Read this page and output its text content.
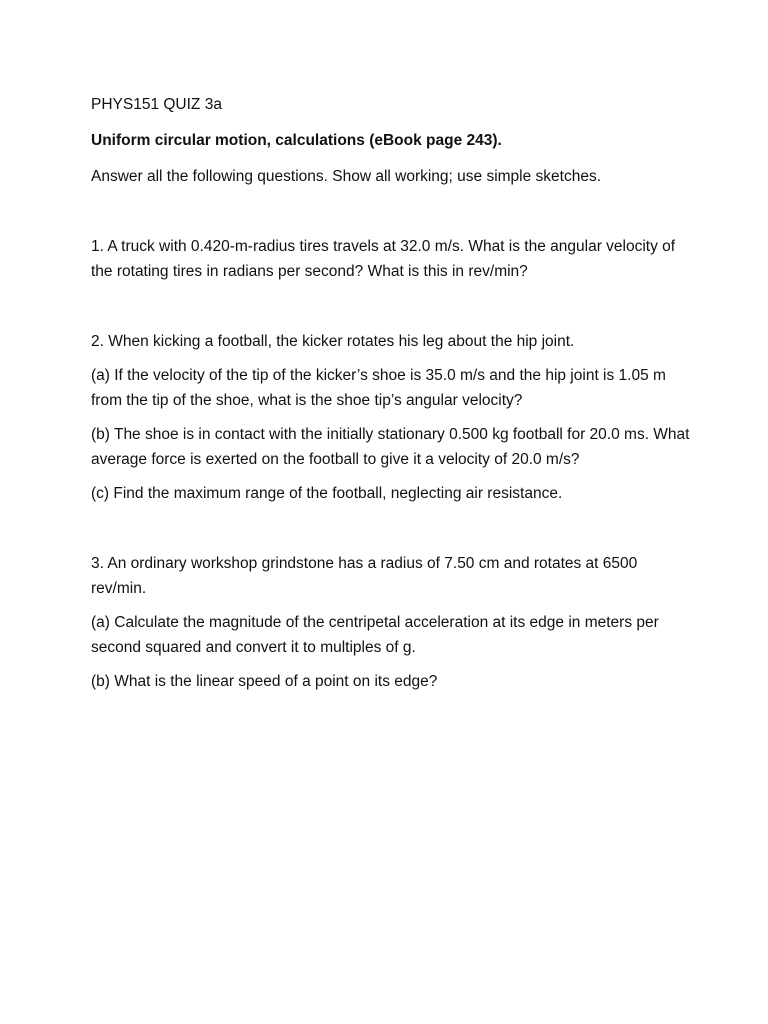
PHYS151 QUIZ 3a

Uniform circular motion, calculations (eBook page 243).

Answer all the following questions. Show all working; use simple sketches.

1. A truck with 0.420-m-radius tires travels at 32.0 m/s. What is the angular velocity of the rotating tires in radians per second? What is this in rev/min?

2. When kicking a football, the kicker rotates his leg about the hip joint.

(a) If the velocity of the tip of the kicker’s shoe is 35.0 m/s and the hip joint is 1.05 m from the tip of the shoe, what is the shoe tip’s angular velocity?

(b) The shoe is in contact with the initially stationary 0.500 kg football for 20.0 ms. What average force is exerted on the football to give it a velocity of 20.0 m/s?

(c) Find the maximum range of the football, neglecting air resistance.

3. An ordinary workshop grindstone has a radius of 7.50 cm and rotates at 6500 rev/min.

(a) Calculate the magnitude of the centripetal acceleration at its edge in meters per second squared and convert it to multiples of g.

(b) What is the linear speed of a point on its edge?
